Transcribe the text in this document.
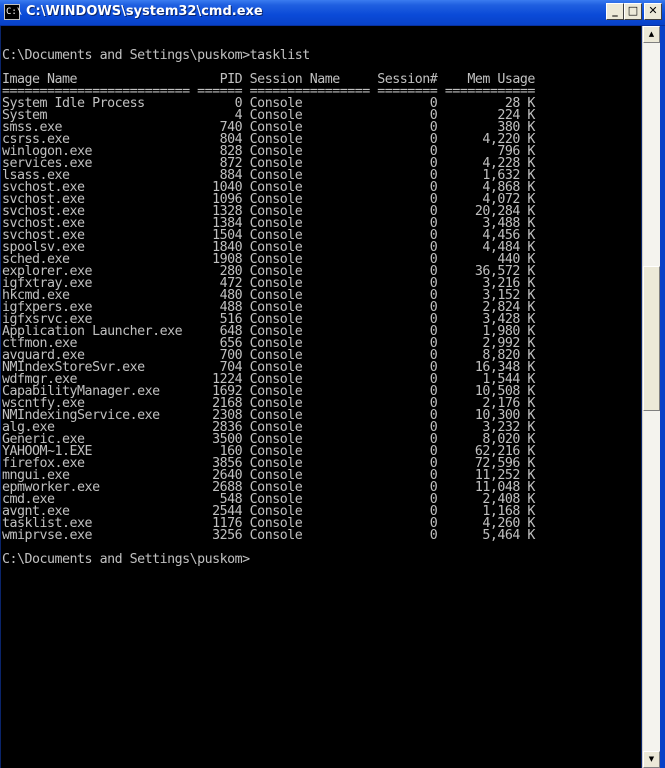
C:\ C:\WINDOWS\system32\cmd.exe	_ □ ✕

C:\Documents and Settings\puskom>tasklist

Image Name                   PID Session Name     Session#    Mem Usage
========================= ====== ================ ======== ============
System Idle Process            0 Console                 0         28 K
System                         4 Console                 0        224 K
smss.exe                     740 Console                 0        380 K
csrss.exe                    804 Console                 0      4,220 K
winlogon.exe                 828 Console                 0        796 K
services.exe                 872 Console                 0      4,228 K
lsass.exe                    884 Console                 0      1,632 K
svchost.exe                 1040 Console                 0      4,868 K
svchost.exe                 1096 Console                 0      4,072 K
svchost.exe                 1328 Console                 0     20,284 K
svchost.exe                 1384 Console                 0      3,488 K
svchost.exe                 1504 Console                 0      4,456 K
spoolsv.exe                 1840 Console                 0      4,484 K
sched.exe                   1908 Console                 0        440 K
explorer.exe                 280 Console                 0     36,572 K
igfxtray.exe                 472 Console                 0      3,216 K
hkcmd.exe                    480 Console                 0      3,152 K
igfxpers.exe                 488 Console                 0      2,824 K
igfxsrvc.exe                 516 Console                 0      3,428 K
Application Launcher.exe     648 Console                 0      1,980 K
ctfmon.exe                   656 Console                 0      2,992 K
avguard.exe                  700 Console                 0      8,820 K
NMIndexStoreSvr.exe          704 Console                 0     16,348 K
wdfmgr.exe                  1224 Console                 0      1,544 K
CapabilityManager.exe       1692 Console                 0     10,508 K
wscntfy.exe                 2168 Console                 0      2,176 K
NMIndexingService.exe       2308 Console                 0     10,300 K
alg.exe                     2836 Console                 0      3,232 K
Generic.exe                 3500 Console                 0      8,020 K
YAHOOM~1.EXE                 160 Console                 0     62,216 K
firefox.exe                 3856 Console                 0     72,596 K
mngui.exe                   2640 Console                 0     11,252 K
epmworker.exe               2688 Console                 0     11,048 K
cmd.exe                      548 Console                 0      2,408 K
avgnt.exe                   2544 Console                 0      1,168 K
tasklist.exe                1176 Console                 0      4,260 K
wmiprvse.exe                3256 Console                 0      5,464 K

C:\Documents and Settings\puskom>

▲
▼
